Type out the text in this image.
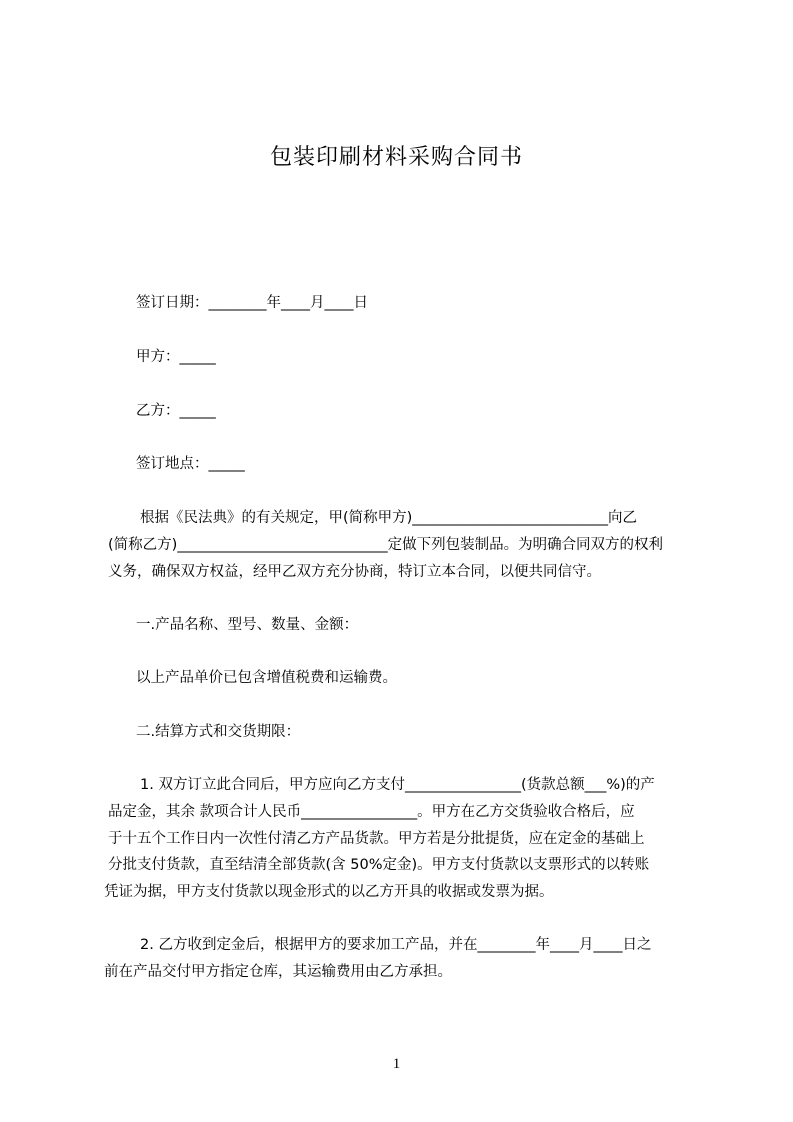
包装印刷材料采购合同书
签订日期：________年____月____日
甲方：_____
乙方：_____
签订地点：_____
根据《民法典》的有关规定，甲(简称甲方)___________________________向乙
(简称乙方)_____________________________定做下列包装制品。为明确合同双方的权利
义务，确保双方权益，经甲乙双方充分协商，特订立本合同，以便共同信守。
一.产品名称、型号、数量、金额：
以上产品单价已包含增值税费和运输费。
二.结算方式和交货期限：
1. 双方订立此合同后，甲方应向乙方支付________________(货款总额___%)的产
品定金，其余 款项合计人民币________________。甲方在乙方交货验收合格后，应
于十五个工作日内一次性付清乙方产品货款。甲方若是分批提货，应在定金的基础上
分批支付货款，直至结清全部货款(含 50%定金)。甲方支付货款以支票形式的以转账
凭证为据，甲方支付货款以现金形式的以乙方开具的收据或发票为据。
2. 乙方收到定金后，根据甲方的要求加工产品，并在________年____月____日之
前在产品交付甲方指定仓库，其运输费用由乙方承担。
1
